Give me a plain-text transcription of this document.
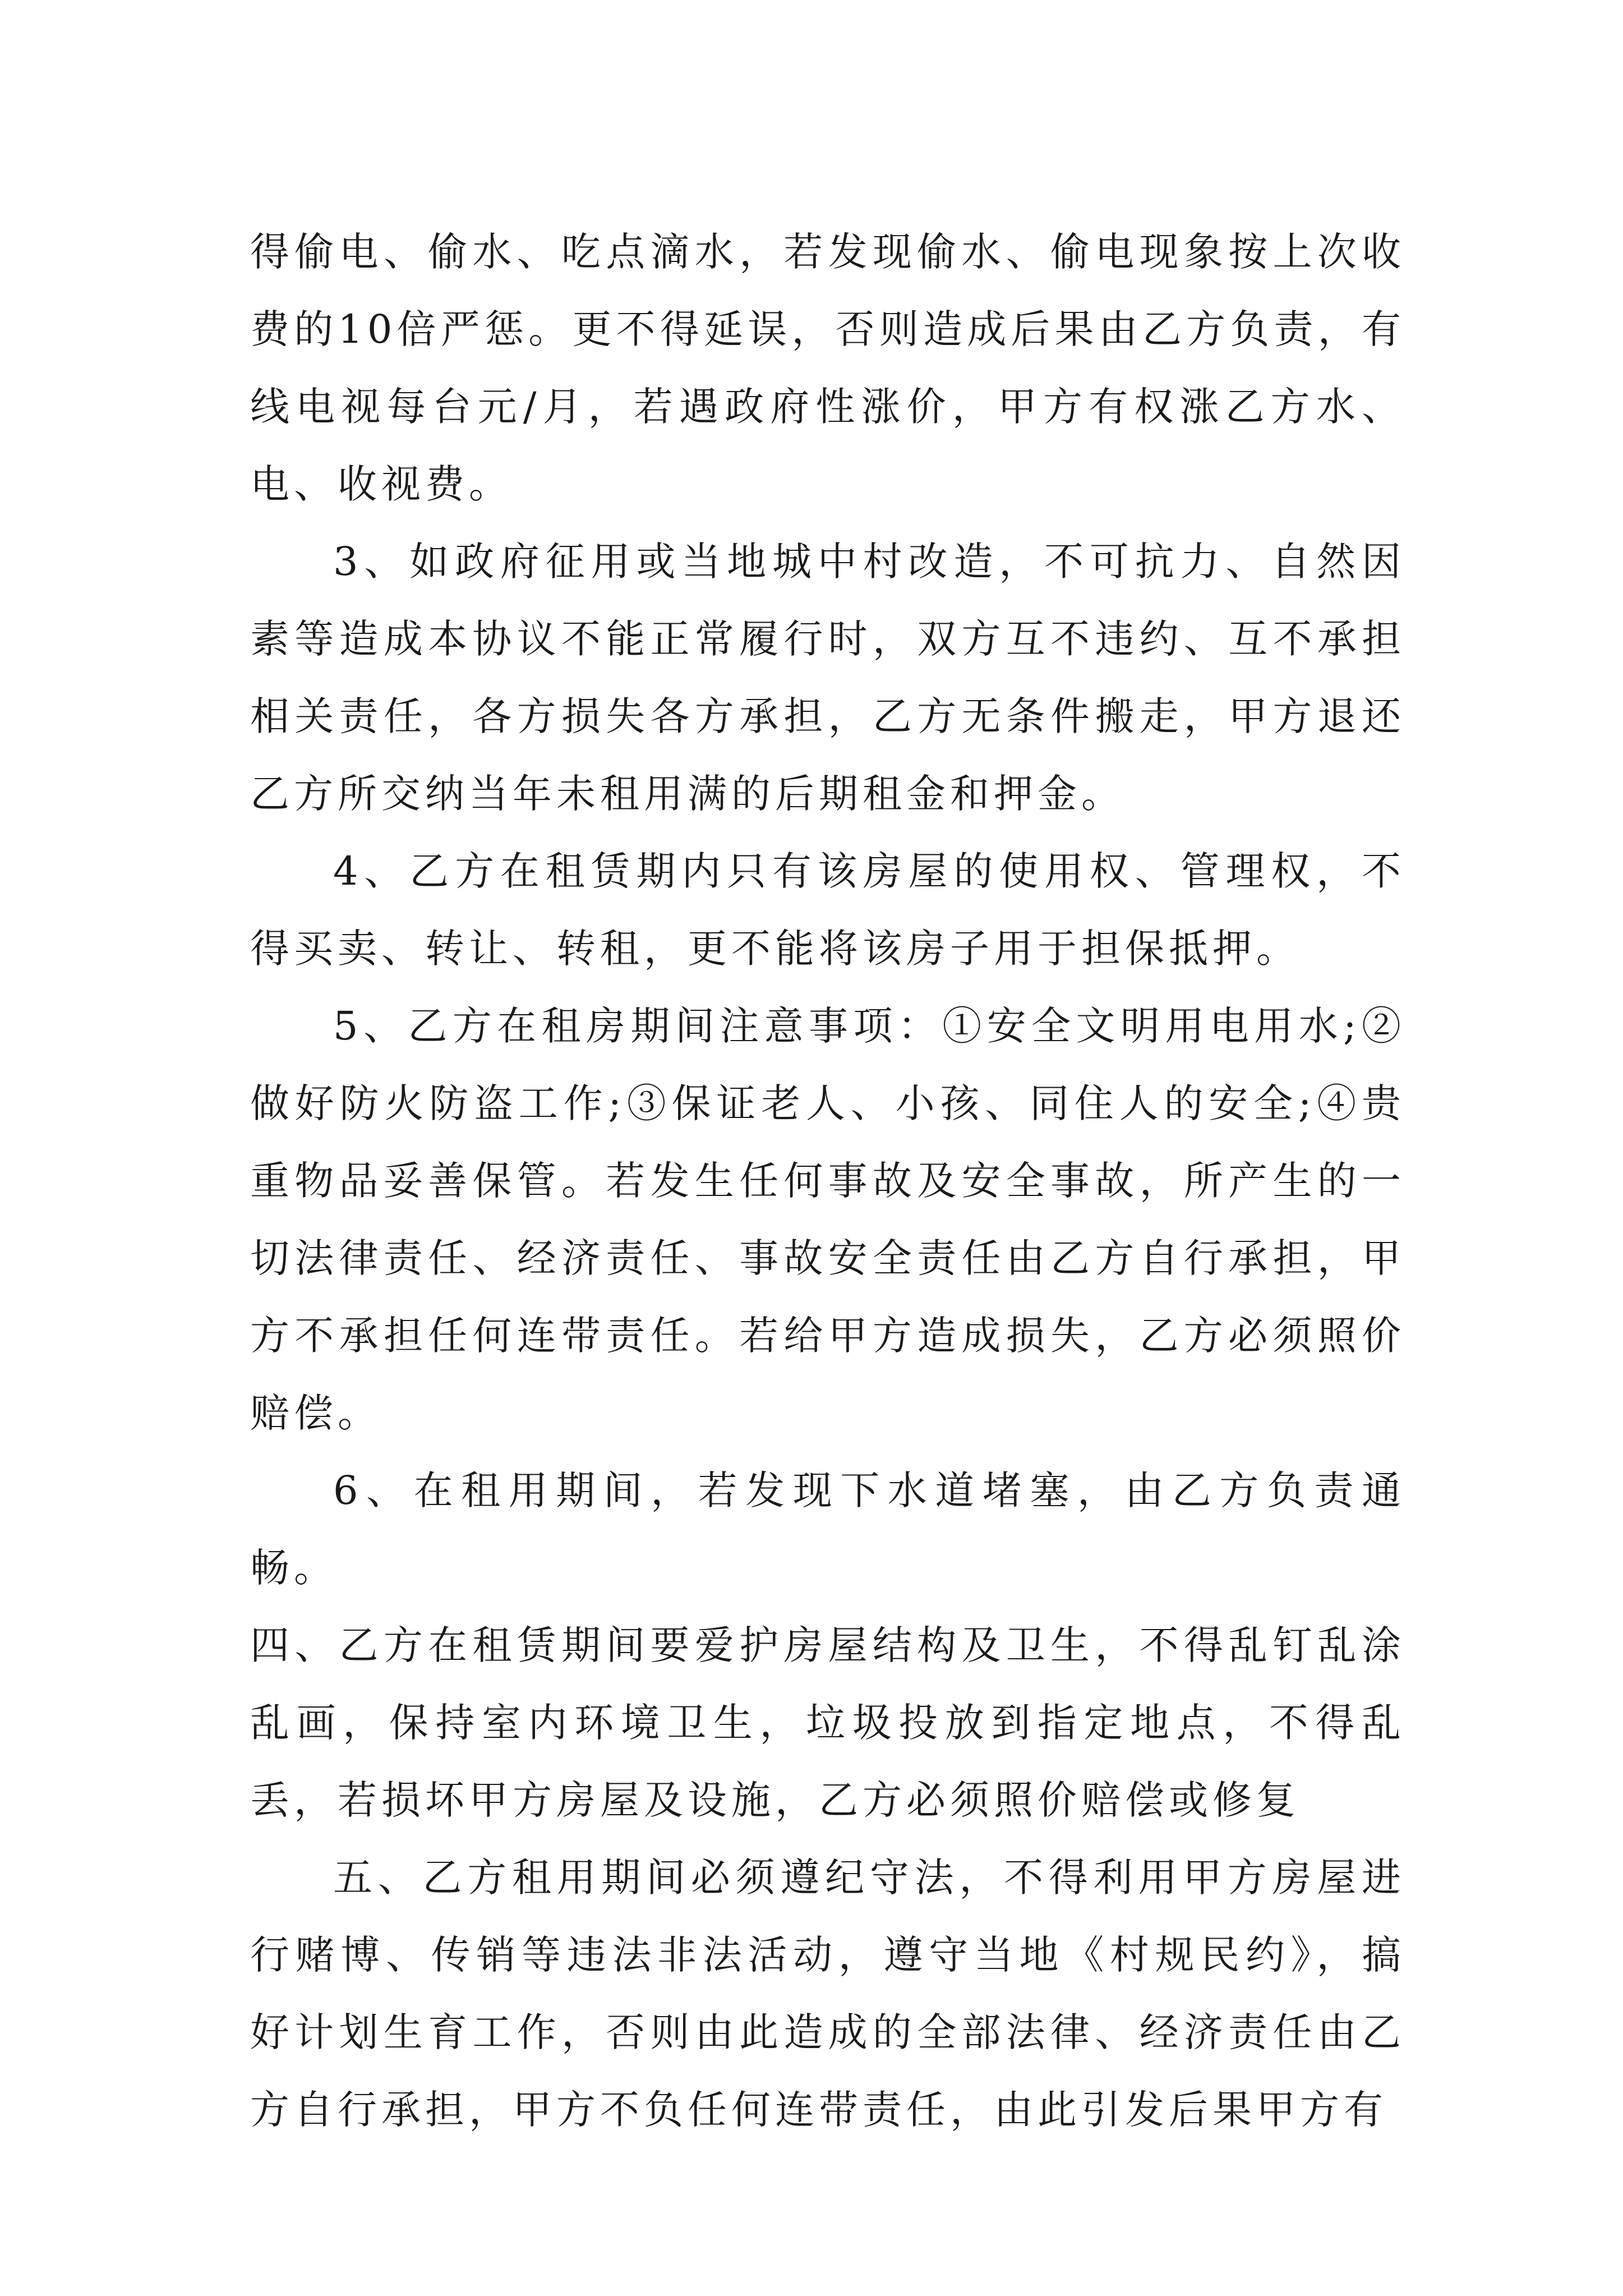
得偷电、偷水、吃点滴水，若发现偷水、偷电现象按上次收费的10倍严惩。更不得延误，否则造成后果由乙方负责，有线电视每台元/月，若遇政府性涨价，甲方有权涨乙方水、电、收视费。

3、如政府征用或当地城中村改造，不可抗力、自然因素等造成本协议不能正常履行时，双方互不违约、互不承担相关责任，各方损失各方承担，乙方无条件搬走，甲方退还乙方所交纳当年未租用满的后期租金和押金。

4、乙方在租赁期内只有该房屋的使用权、管理权，不得买卖、转让、转租，更不能将该房子用于担保抵押。

5、乙方在租房期间注意事项：①安全文明用电用水;②做好防火防盗工作;③保证老人、小孩、同住人的安全;④贵重物品妥善保管。若发生任何事故及安全事故，所产生的一切法律责任、经济责任、事故安全责任由乙方自行承担，甲方不承担任何连带责任。若给甲方造成损失，乙方必须照价赔偿。

6、在租用期间，若发现下水道堵塞，由乙方负责通畅。

四、乙方在租赁期间要爱护房屋结构及卫生，不得乱钉乱涂乱画，保持室内环境卫生，垃圾投放到指定地点，不得乱丢，若损坏甲方房屋及设施，乙方必须照价赔偿或修复

五、乙方租用期间必须遵纪守法，不得利用甲方房屋进行赌博、传销等违法非法活动，遵守当地《村规民约》，搞好计划生育工作，否则由此造成的全部法律、经济责任由乙方自行承担，甲方不负任何连带责任，由此引发后果甲方有
